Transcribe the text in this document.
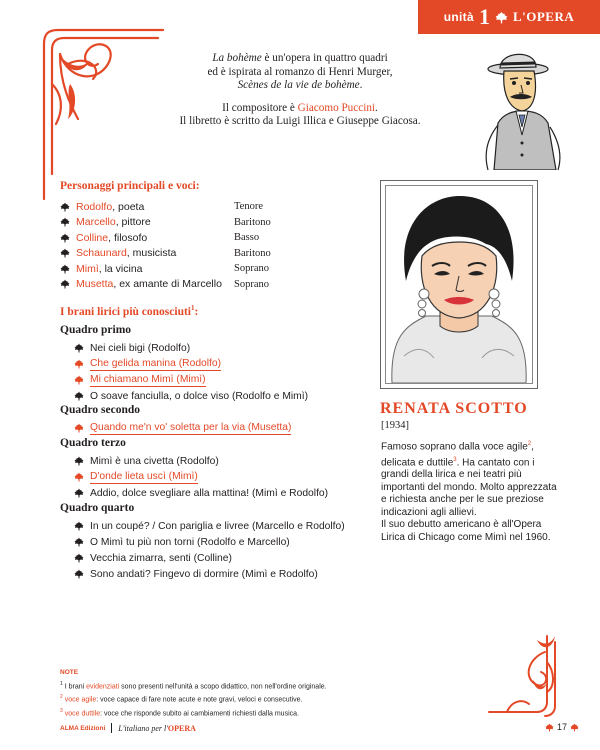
unità 1 L'OPERA

La bohème è un'opera in quattro quadri
ed è ispirata al romanzo di Henri Murger,
Scènes de la vie de bohème.

Il compositore è Giacomo Puccini.
Il libretto è scritto da Luigi Illica e Giuseppe Giacosa.

Personaggi principali e voci:
Rodolfo , poeta	Tenore
Marcello , pittore	Baritono
Colline , filosofo	Basso
Schaunard , musicista	Baritono
Mimì , la vicina	Soprano
Musetta , ex amante di Marcello Soprano
I brani lirici più conosciuti$^1$:
Quadro primo
Nei cieli bigi (Rodolfo)
Che gelida manina (Rodolfo)
Mi chiamano Mimì (Mimì)
O soave fanciulla, o dolce viso (Rodolfo e Mimì)
Quadro secondo
Quando me'n vo' soletta per la via (Musetta)
Quadro terzo
Mimì è una civetta (Rodolfo)
D'onde lieta uscì (Mimì)
Addio, dolce svegliare alla mattina! (Mimì e Rodolfo)
Quadro quarto
In un coupé? / Con pariglia e livree (Marcello e Rodolfo)
O Mimì tu più non torni (Rodolfo e Marcello)
Vecchia zimarra, senti (Colline)
Sono andati? Fingevo di dormire (Mimì e Rodolfo)
RENATA SCOTTO
[1934]
Famoso soprano dalla voce agile$^2$, delicata e duttile$^3$. Ha cantato con i grandi della lirica e nei teatri più importanti del mondo. Molto apprezzata e richiesta anche per le sue preziose indicazioni agli allievi.
Il suo debutto americano è all'Opera Lirica di Chicago come Mimì nel 1960.
NOTE
$^1$ I brani evidenziati sono presenti nell'unità a scopo didattico, non nell'ordine originale.
$^2$ voce agile: voce capace di fare note acute e note gravi, veloci e consecutive.
$^3$ voce duttile: voce che risponde subito ai cambiamenti richiesti dalla musica.
ALMA Edizioni L'italiano per l'OPERA	17
